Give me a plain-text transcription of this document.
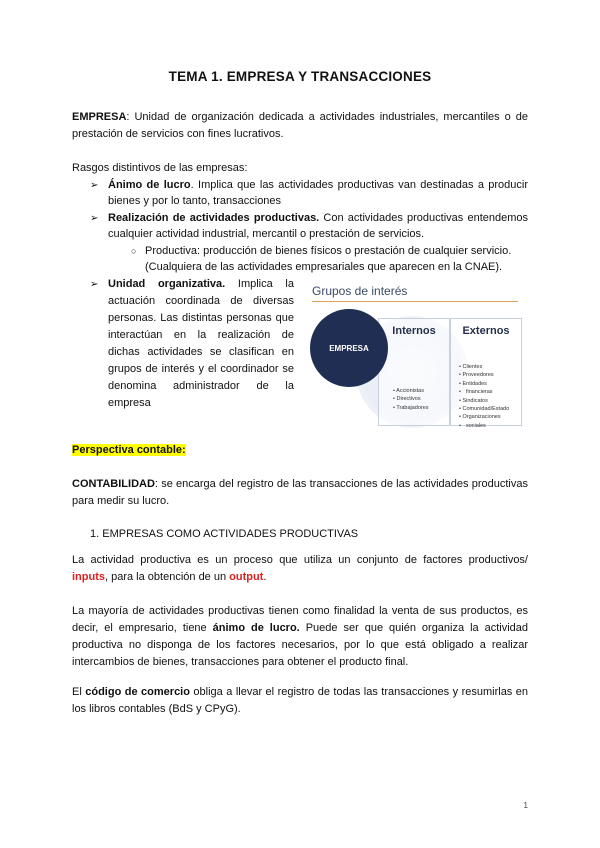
TEMA 1. EMPRESA Y TRANSACCIONES
EMPRESA: Unidad de organización dedicada a actividades industriales, mercantiles o de
prestación de servicios con fines lucrativos.
Rasgos distintivos de las empresas:
➢ Ánimo de lucro. Implica que las actividades productivas van destinadas a producir
bienes y por lo tanto, transacciones
➢ Realización de actividades productivas. Con actividades productivas entendemos
cualquier actividad industrial, mercantil o prestación de servicios.
○ Productiva: producción de bienes físicos o prestación de cualquier servicio.
(Cualquiera de las actividades empresariales que aparecen en la CNAE).
➢ Unidad organizativa. Implica la
actuación coordinada de diversas
personas. Las distintas personas que
interactúan en la realización de
dichas actividades se clasifican en
grupos de interés y el coordinador se
denomina administrador de la
empresa
Grupos de interés
Internos
• Accionistas
• Directivos
• Trabajadores
Externos
• Clientes
• Proveedores
• Entidades
• financieras
• Sindicatos
• Comunidad/Estado
• Organizaciones
• sociales
EMPRESA
Perspectiva contable:
CONTABILIDAD: se encarga del registro de las transacciones de las actividades productivas
para medir su lucro.
1. EMPRESAS COMO ACTIVIDADES PRODUCTIVAS
La actividad productiva es un proceso que utiliza un conjunto de factores productivos/
inputs, para la obtención de un output.
La mayoría de actividades productivas tienen como finalidad la venta de sus productos, es
decir, el empresario, tiene ánimo de lucro. Puede ser que quién organiza la actividad
productiva no disponga de los factores necesarios, por lo que está obligado a realizar
intercambios de bienes, transacciones para obtener el producto final.
El código de comercio obliga a llevar el registro de todas las transacciones y resumirlas en
los libros contables (BdS y CPyG).
1
